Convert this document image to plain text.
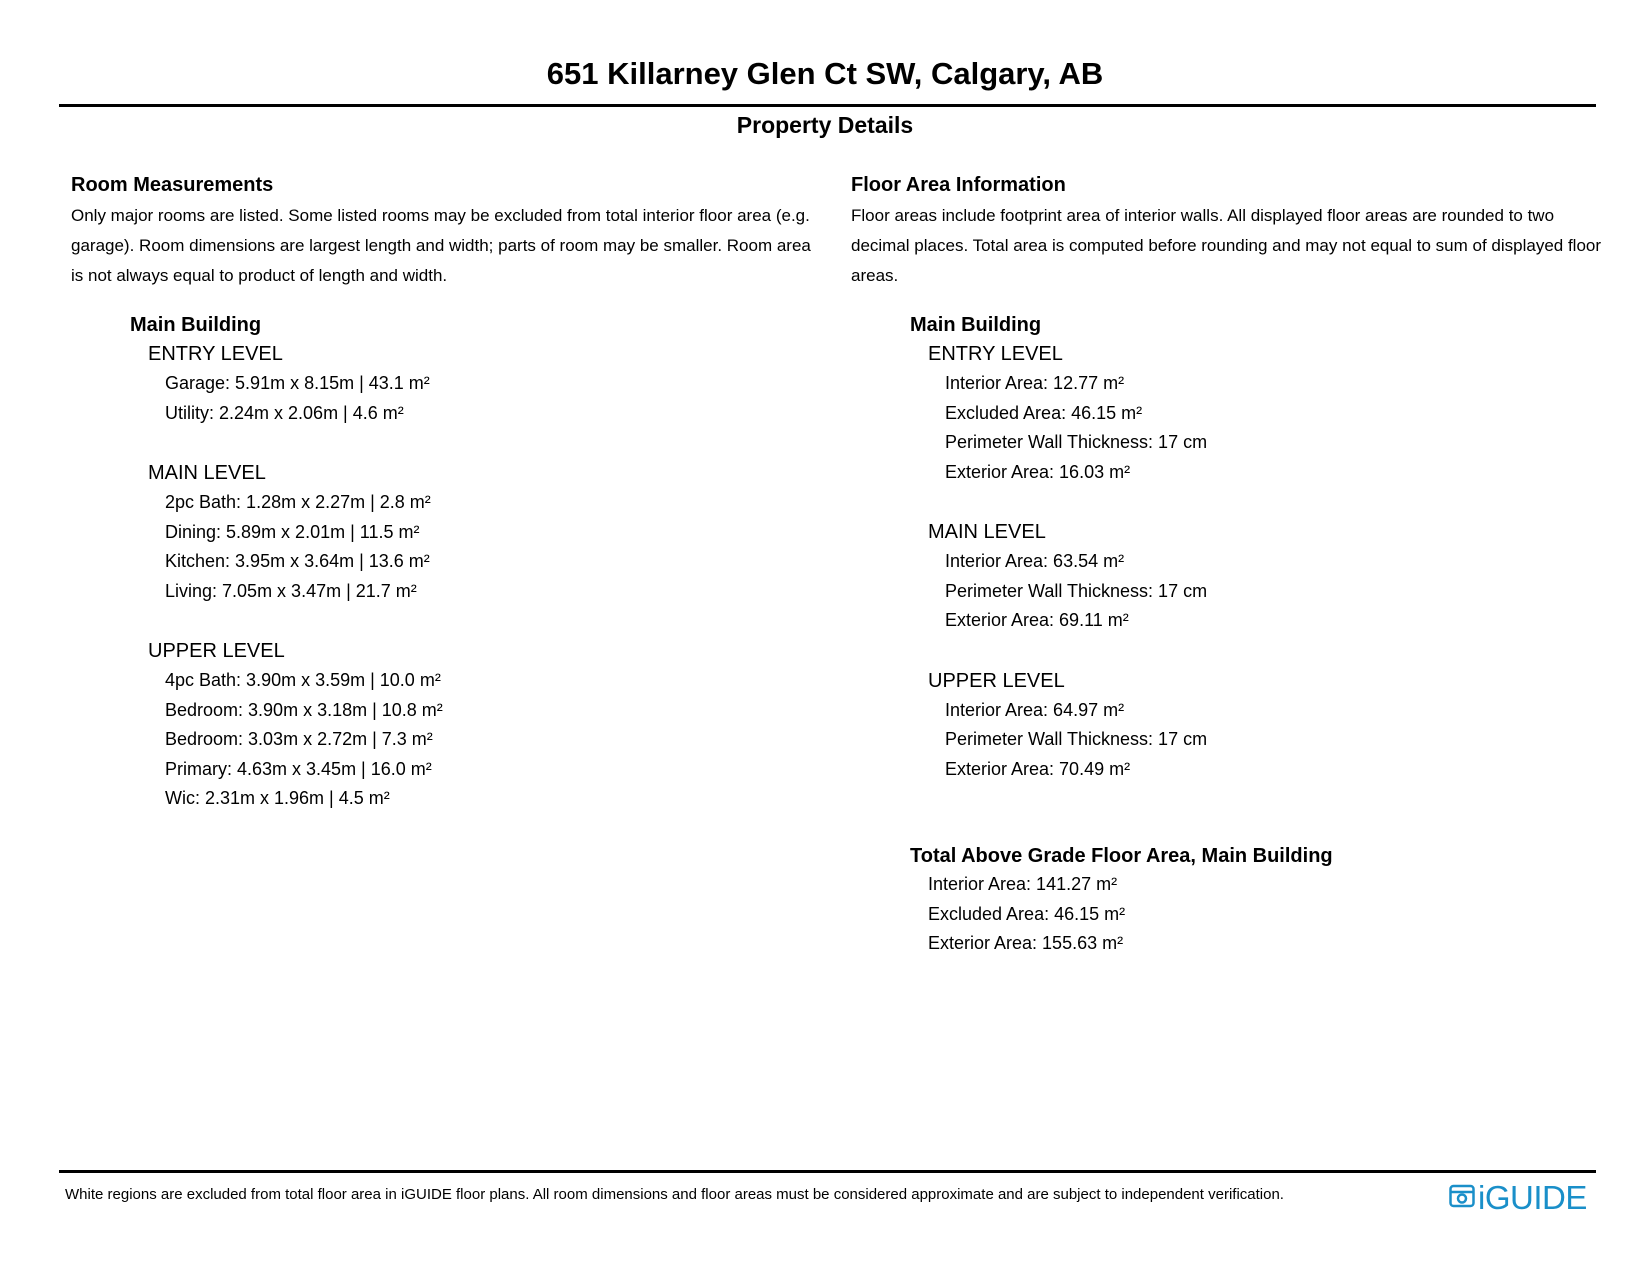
651 Killarney Glen Ct SW, Calgary, AB
Property Details
Room Measurements
Only major rooms are listed. Some listed rooms may be excluded from total interior floor area (e.g. garage). Room dimensions are largest length and width; parts of room may be smaller. Room area is not always equal to product of length and width.
Main Building
ENTRY LEVEL
Garage: 5.91m x 8.15m | 43.1 m²
Utility: 2.24m x 2.06m | 4.6 m²
MAIN LEVEL
2pc Bath: 1.28m x 2.27m | 2.8 m²
Dining: 5.89m x 2.01m | 11.5 m²
Kitchen: 3.95m x 3.64m | 13.6 m²
Living: 7.05m x 3.47m | 21.7 m²
UPPER LEVEL
4pc Bath: 3.90m x 3.59m | 10.0 m²
Bedroom: 3.90m x 3.18m | 10.8 m²
Bedroom: 3.03m x 2.72m | 7.3 m²
Primary: 4.63m x 3.45m | 16.0 m²
Wic: 2.31m x 1.96m | 4.5 m²
Floor Area Information
Floor areas include footprint area of interior walls. All displayed floor areas are rounded to two decimal places. Total area is computed before rounding and may not equal to sum of displayed floor areas.
Main Building
ENTRY LEVEL
Interior Area: 12.77 m²
Excluded Area: 46.15 m²
Perimeter Wall Thickness: 17 cm
Exterior Area: 16.03 m²
MAIN LEVEL
Interior Area: 63.54 m²
Perimeter Wall Thickness: 17 cm
Exterior Area: 69.11 m²
UPPER LEVEL
Interior Area: 64.97 m²
Perimeter Wall Thickness: 17 cm
Exterior Area: 70.49 m²
Total Above Grade Floor Area, Main Building
Interior Area: 141.27 m²
Excluded Area: 46.15 m²
Exterior Area: 155.63 m²
White regions are excluded from total floor area in iGUIDE floor plans. All room dimensions and floor areas must be considered approximate and are subject to independent verification.	iGUIDE
